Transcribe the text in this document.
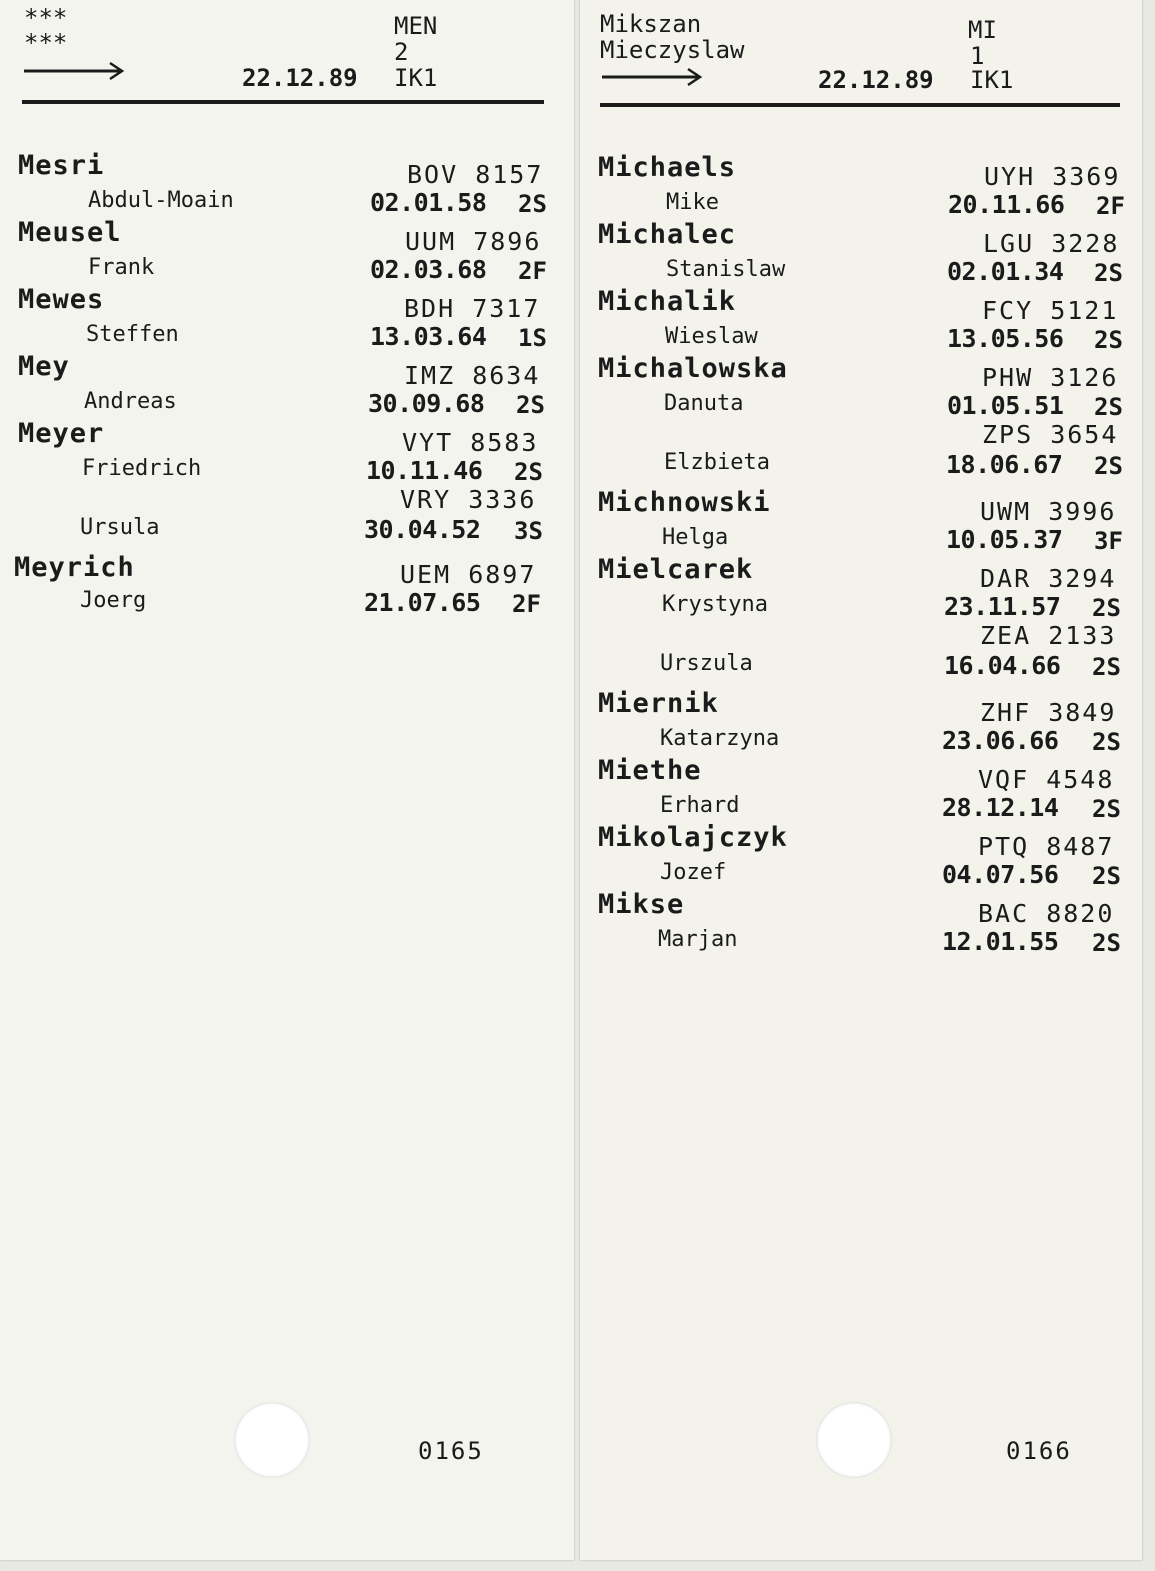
***
***
MEN
2
22.12.89 IK1
Mesri	BOV 8157
Abdul-Moain	02.01.58 2S
Meusel	UUM 7896
Frank	02.03.68 2F
Mewes	BDH 7317
Steffen	13.03.64 1S
Mey	IMZ 8634
Andreas	30.09.68 2S
Meyer	VYT 8583
Friedrich	10.11.46 2S
VRY 3336
Ursula	30.04.52 3S
Meyrich	UEM 6897
Joerg	21.07.65 2F
0165
Mikszan
Mieczyslaw
MI
1
22.12.89 IK1
Michaels	UYH 3369
Mike	20.11.66 2F
Michalec	LGU 3228
Stanislaw	02.01.34 2S
Michalik	FCY 5121
Wieslaw	13.05.56 2S
Michalowska	PHW 3126
Danuta	01.05.51 2S
ZPS 3654
Elzbieta	18.06.67 2S
Michnowski	UWM 3996
Helga	10.05.37 3F
Mielcarek	DAR 3294
Krystyna	23.11.57 2S
ZEA 2133
Urszula	16.04.66 2S
Miernik	ZHF 3849
Katarzyna	23.06.66 2S
Miethe	VQF 4548
Erhard	28.12.14 2S
Mikolajczyk	PTQ 8487
Jozef	04.07.56 2S
Mikse	BAC 8820
Marjan	12.01.55 2S
0166
